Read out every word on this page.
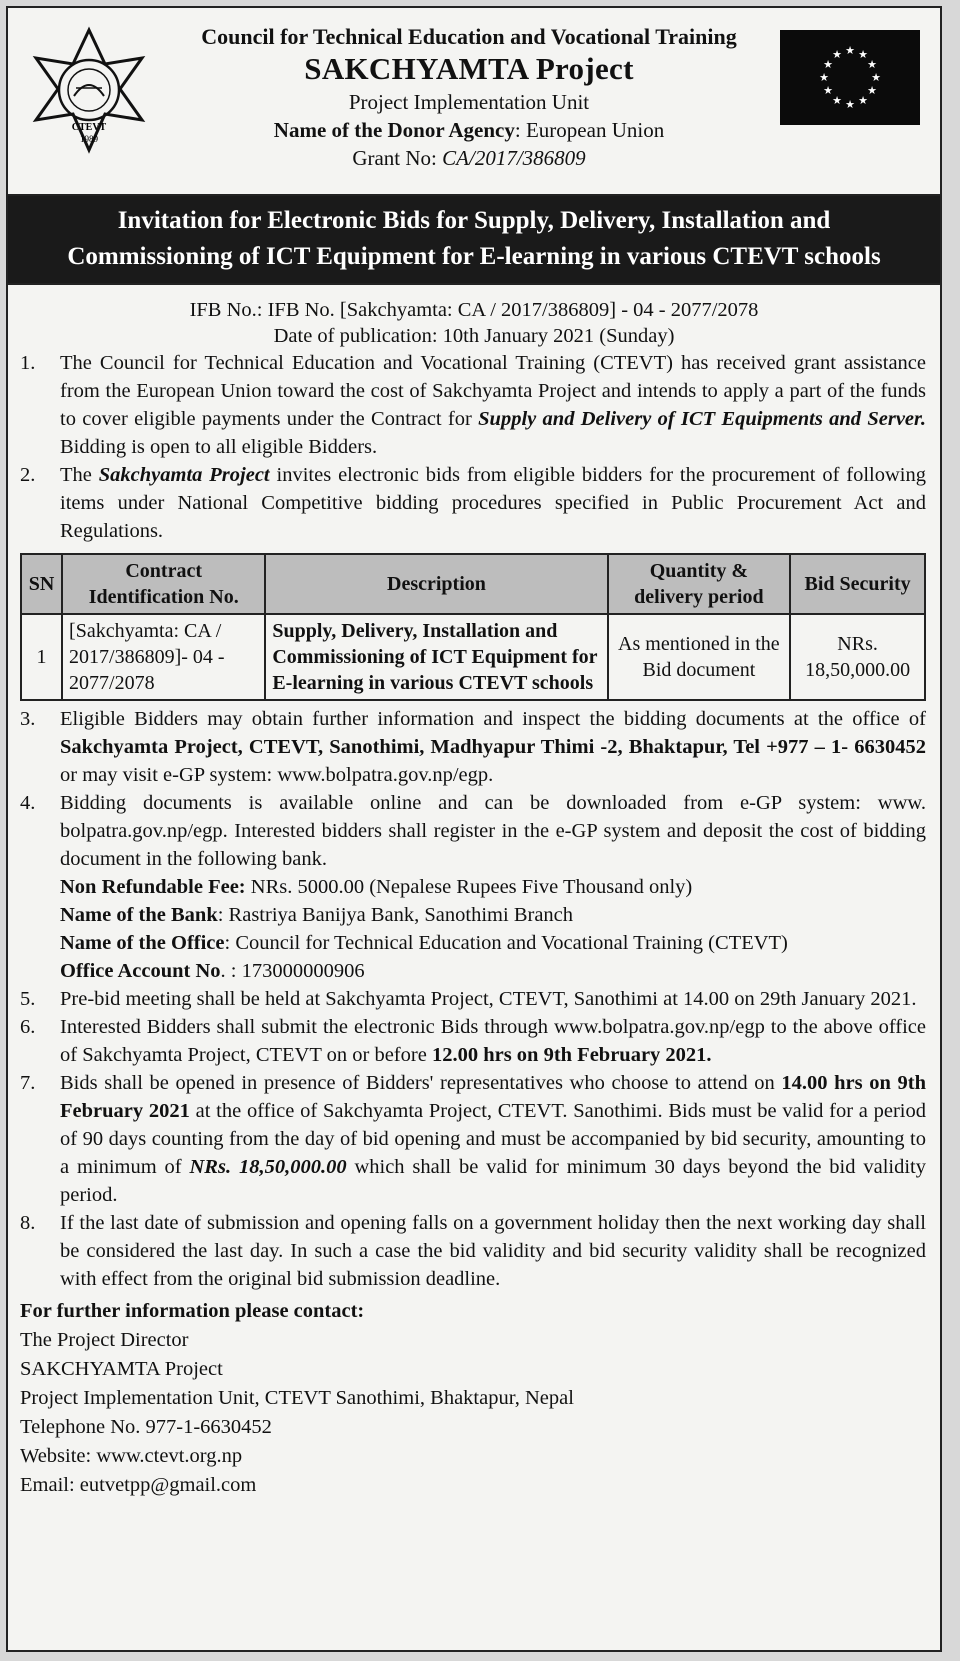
CTEVT
1989
Council for Technical Education and Vocational Training
SAKCHYAMTA Project
Project Implementation Unit
Name of the Donor Agency: European Union
Grant No: CA/2017/386809
★ ★
★
★
★
★
★
★
★
★
★
★
Invitation for Electronic Bids for Supply, Delivery, Installation and
Commissioning of ICT Equipment for E-learning in various CTEVT schools
IFB No.: IFB No. [Sakchyamta: CA / 2017/386809] - 04 - 2077/2078
Date of publication: 10th January 2021 (Sunday)
1.	The Council for Technical Education and Vocational Training (CTEVT) has received grant assistance from the European Union toward the cost of Sakchyamta Project and intends to apply a part of the funds to cover eligible payments under the Contract for Supply and Delivery of ICT Equipments and Server. Bidding is open to all eligible Bidders.
2.	The Sakchyamta Project invites electronic bids from eligible bidders for the procurement of following items under National Competitive bidding procedures specified in Public Procurement Act and Regulations.
SN	Contract Identification No.	Description	Quantity & delivery period	Bid Security
1	[Sakchyamta: CA / 2017/386809]- 04 - 2077/2078	Supply, Delivery, Installation and Commissioning of ICT Equipment for E-learning in various CTEVT schools	As mentioned in the Bid document	NRs. 18,50,000.00
3.	Eligible Bidders may obtain further information and inspect the bidding documents at the office of Sakchyamta Project, CTEVT, Sanothimi, Madhyapur Thimi -2, Bhaktapur, Tel +977 – 1- 6630452 or may visit e-GP system: www.bolpatra.gov.np/egp.
4.	Bidding documents is available online and can be downloaded from e-GP system: www. bolpatra.gov.np/egp. Interested bidders shall register in the e-GP system and deposit the cost of bidding document in the following bank.

Non Refundable Fee: NRs. 5000.00 (Nepalese Rupees Five Thousand only)

Name of the Bank: Rastriya Banijya Bank, Sanothimi Branch

Name of the Office: Council for Technical Education and Vocational Training (CTEVT)

Office Account No. : 173000000906

5.	Pre-bid meeting shall be held at Sakchyamta Project, CTEVT, Sanothimi at 14.00 on 29th January 2021.
6.	Interested Bidders shall submit the electronic Bids through www.bolpatra.gov.np/egp to the above office of Sakchyamta Project, CTEVT on or before 12.00 hrs on 9th February 2021.
7.	Bids shall be opened in presence of Bidders' representatives who choose to attend on 14.00 hrs on 9th February 2021 at the office of Sakchyamta Project, CTEVT. Sanothimi. Bids must be valid for a period of 90 days counting from the day of bid opening and must be accompanied by bid security, amounting to a minimum of NRs. 18,50,000.00 which shall be valid for minimum 30 days beyond the bid validity period.
8.	If the last date of submission and opening falls on a government holiday then the next working day shall be considered the last day. In such a case the bid validity and bid security validity shall be recognized with effect from the original bid submission deadline.
For further information please contact:
The Project Director
SAKCHYAMTA Project
Project Implementation Unit, CTEVT Sanothimi, Bhaktapur, Nepal
Telephone No. 977-1-6630452
Website: www.ctevt.org.np
Email: eutvetpp@gmail.com
